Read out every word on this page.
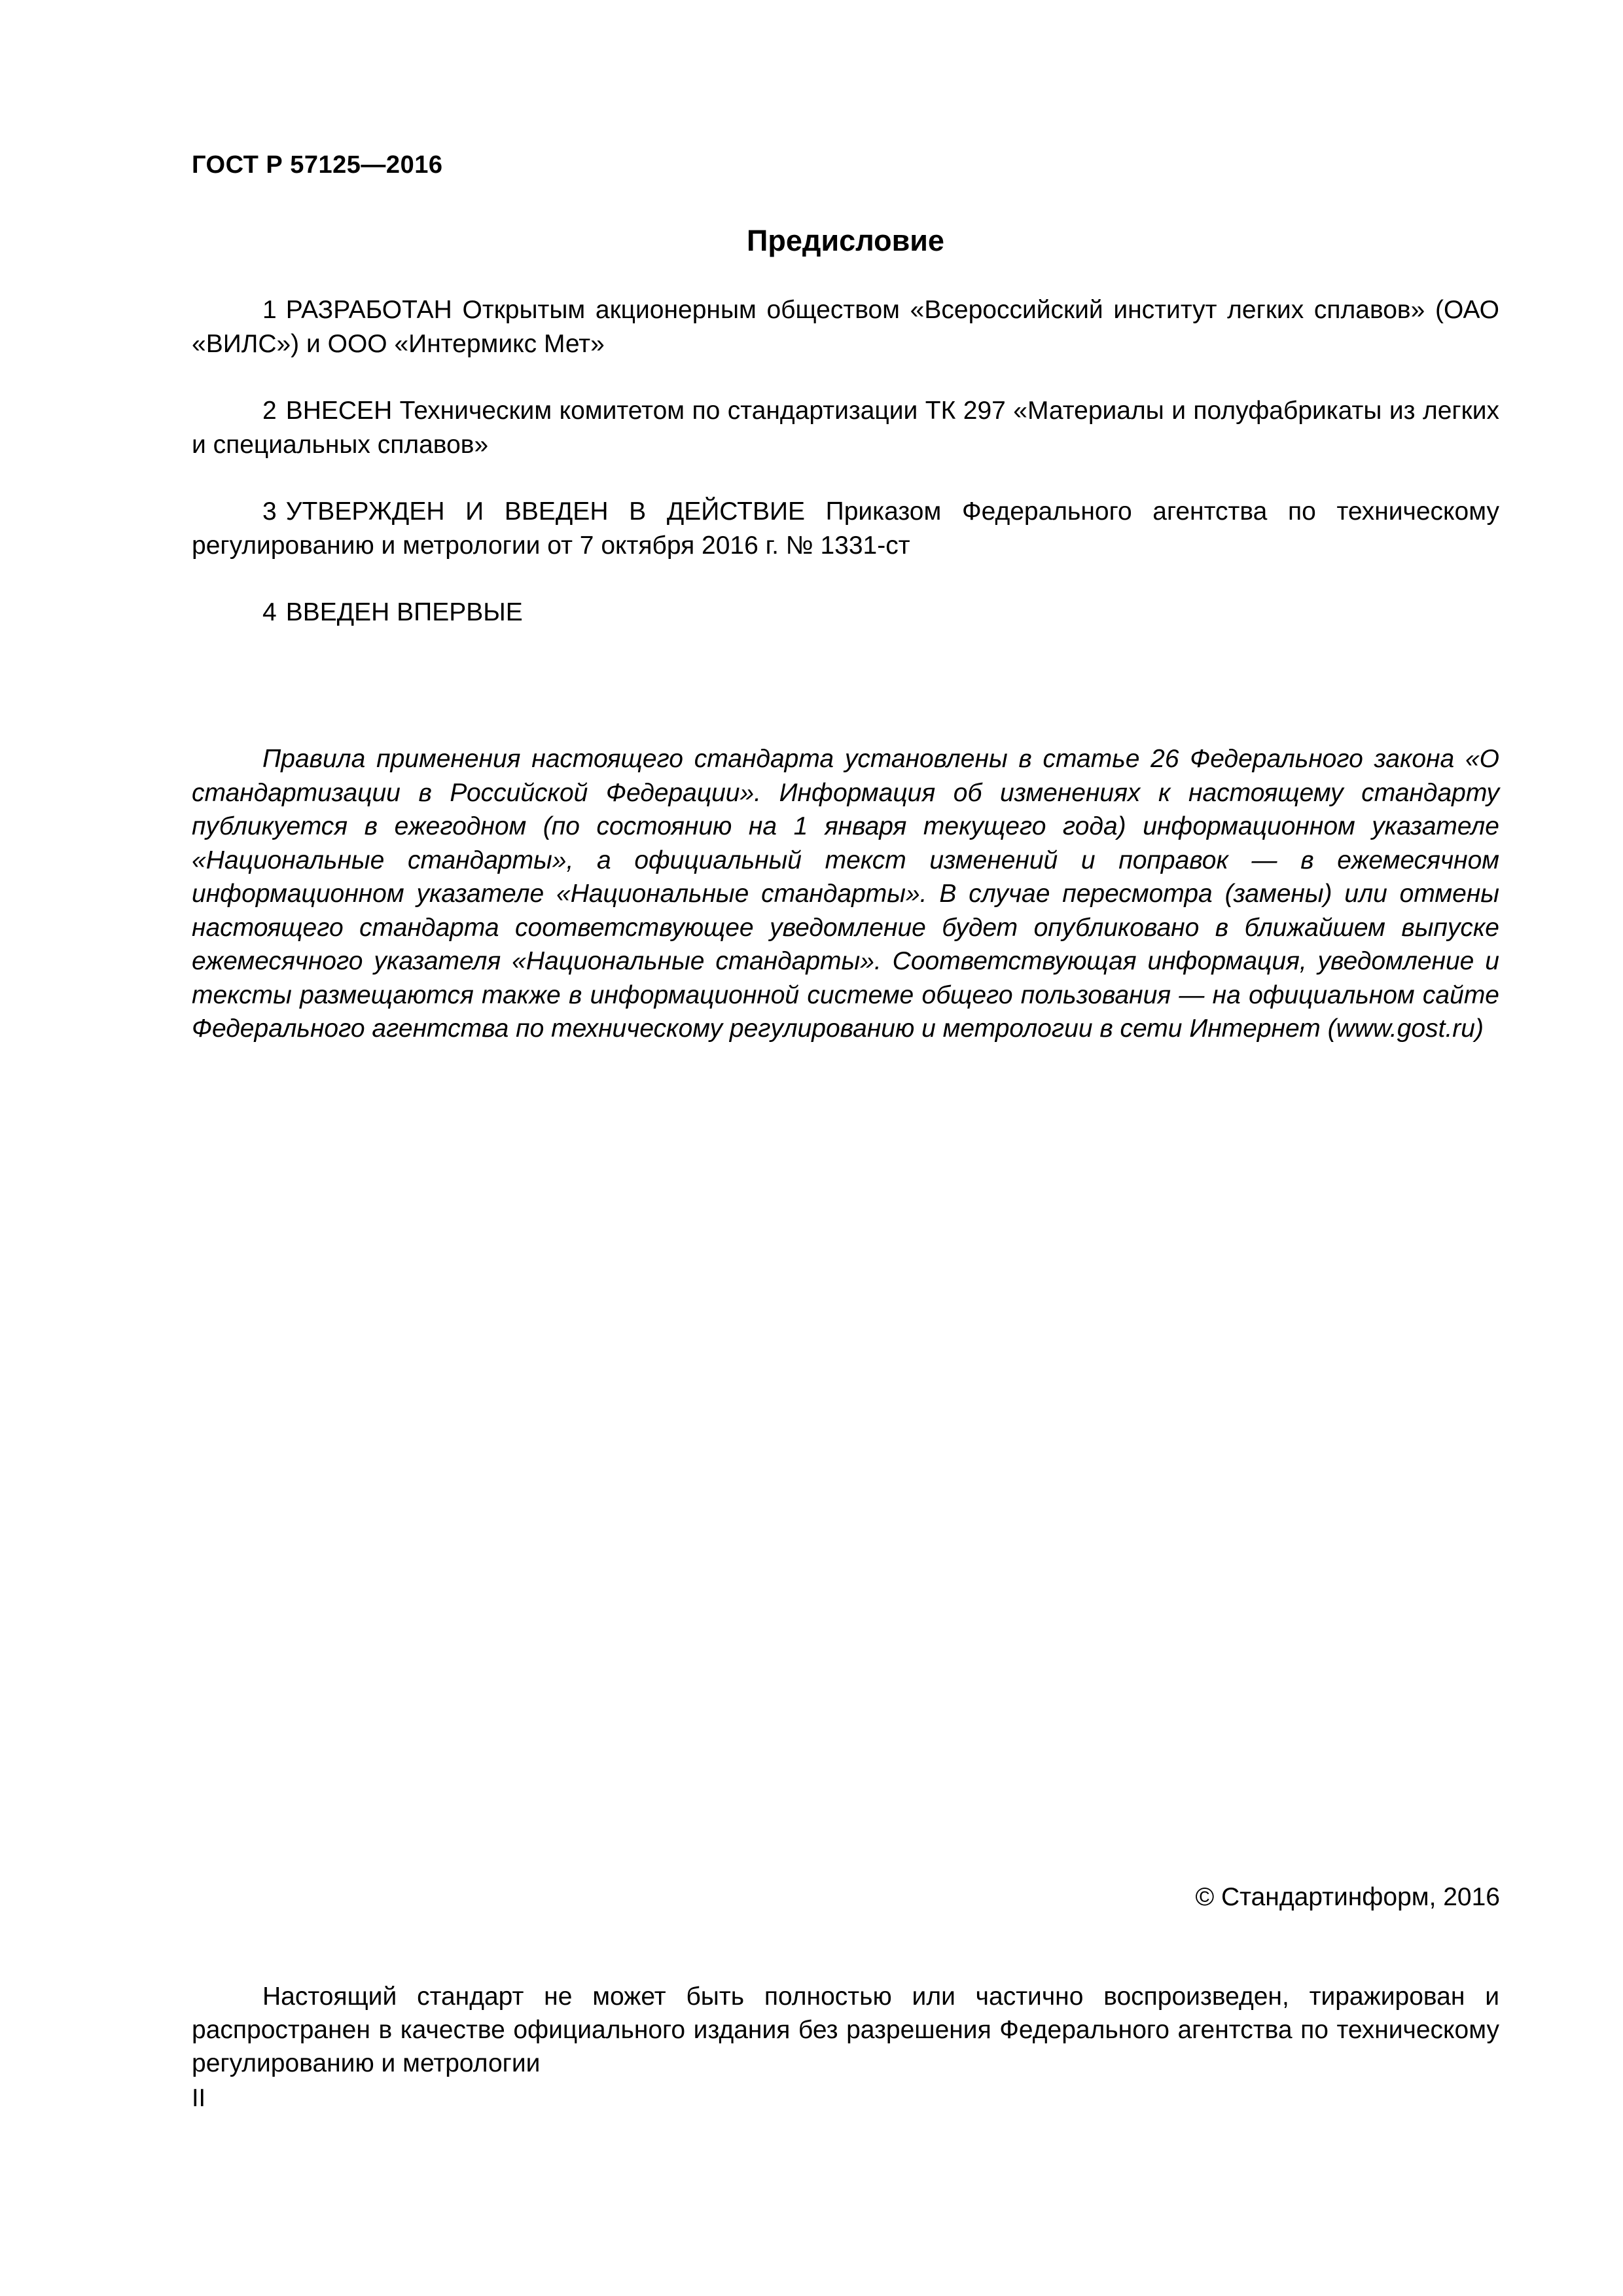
ГОСТ Р 57125—2016
Предисловие

1 РАЗРАБОТАН Открытым акционерным обществом «Всероссийский институт легких сплавов» (ОАО «ВИЛС») и ООО «Интермикс Мет»

2 ВНЕСЕН Техническим комитетом по стандартизации ТК 297 «Материалы и полуфабрикаты из легких и специальных сплавов»

3 УТВЕРЖДЕН И ВВЕДЕН В ДЕЙСТВИЕ Приказом Федерального агентства по техническому регулированию и метрологии от 7 октября 2016 г. № 1331-ст

4 ВВЕДЕН ВПЕРВЫЕ

Правила применения настоящего стандарта установлены в статье 26 Федерального закона «О стандартизации в Российской Федерации». Информация об изменениях к настоящему стандарту публикуется в ежегодном (по состоянию на 1 января текущего года) информационном указателе «Национальные стандарты», а официальный текст изменений и поправок — в ежемесячном информационном указателе «Национальные стандарты». В случае пересмотра (замены) или отмены настоящего стандарта соответствующее уведомление будет опубликовано в ближайшем выпуске ежемесячного указателя «Национальные стандарты». Соответствующая информация, уведомление и тексты размещаются также в информационной системе общего пользования — на официальном сайте Федерального агентства по техническому регулированию и метрологии в сети Интернет (www.gost.ru)

© Стандартинформ, 2016

Настоящий стандарт не может быть полностью или частично воспроизведен, тиражирован и распространен в качестве официального издания без разрешения Федерального агентства по техническому регулированию и метрологии

II
